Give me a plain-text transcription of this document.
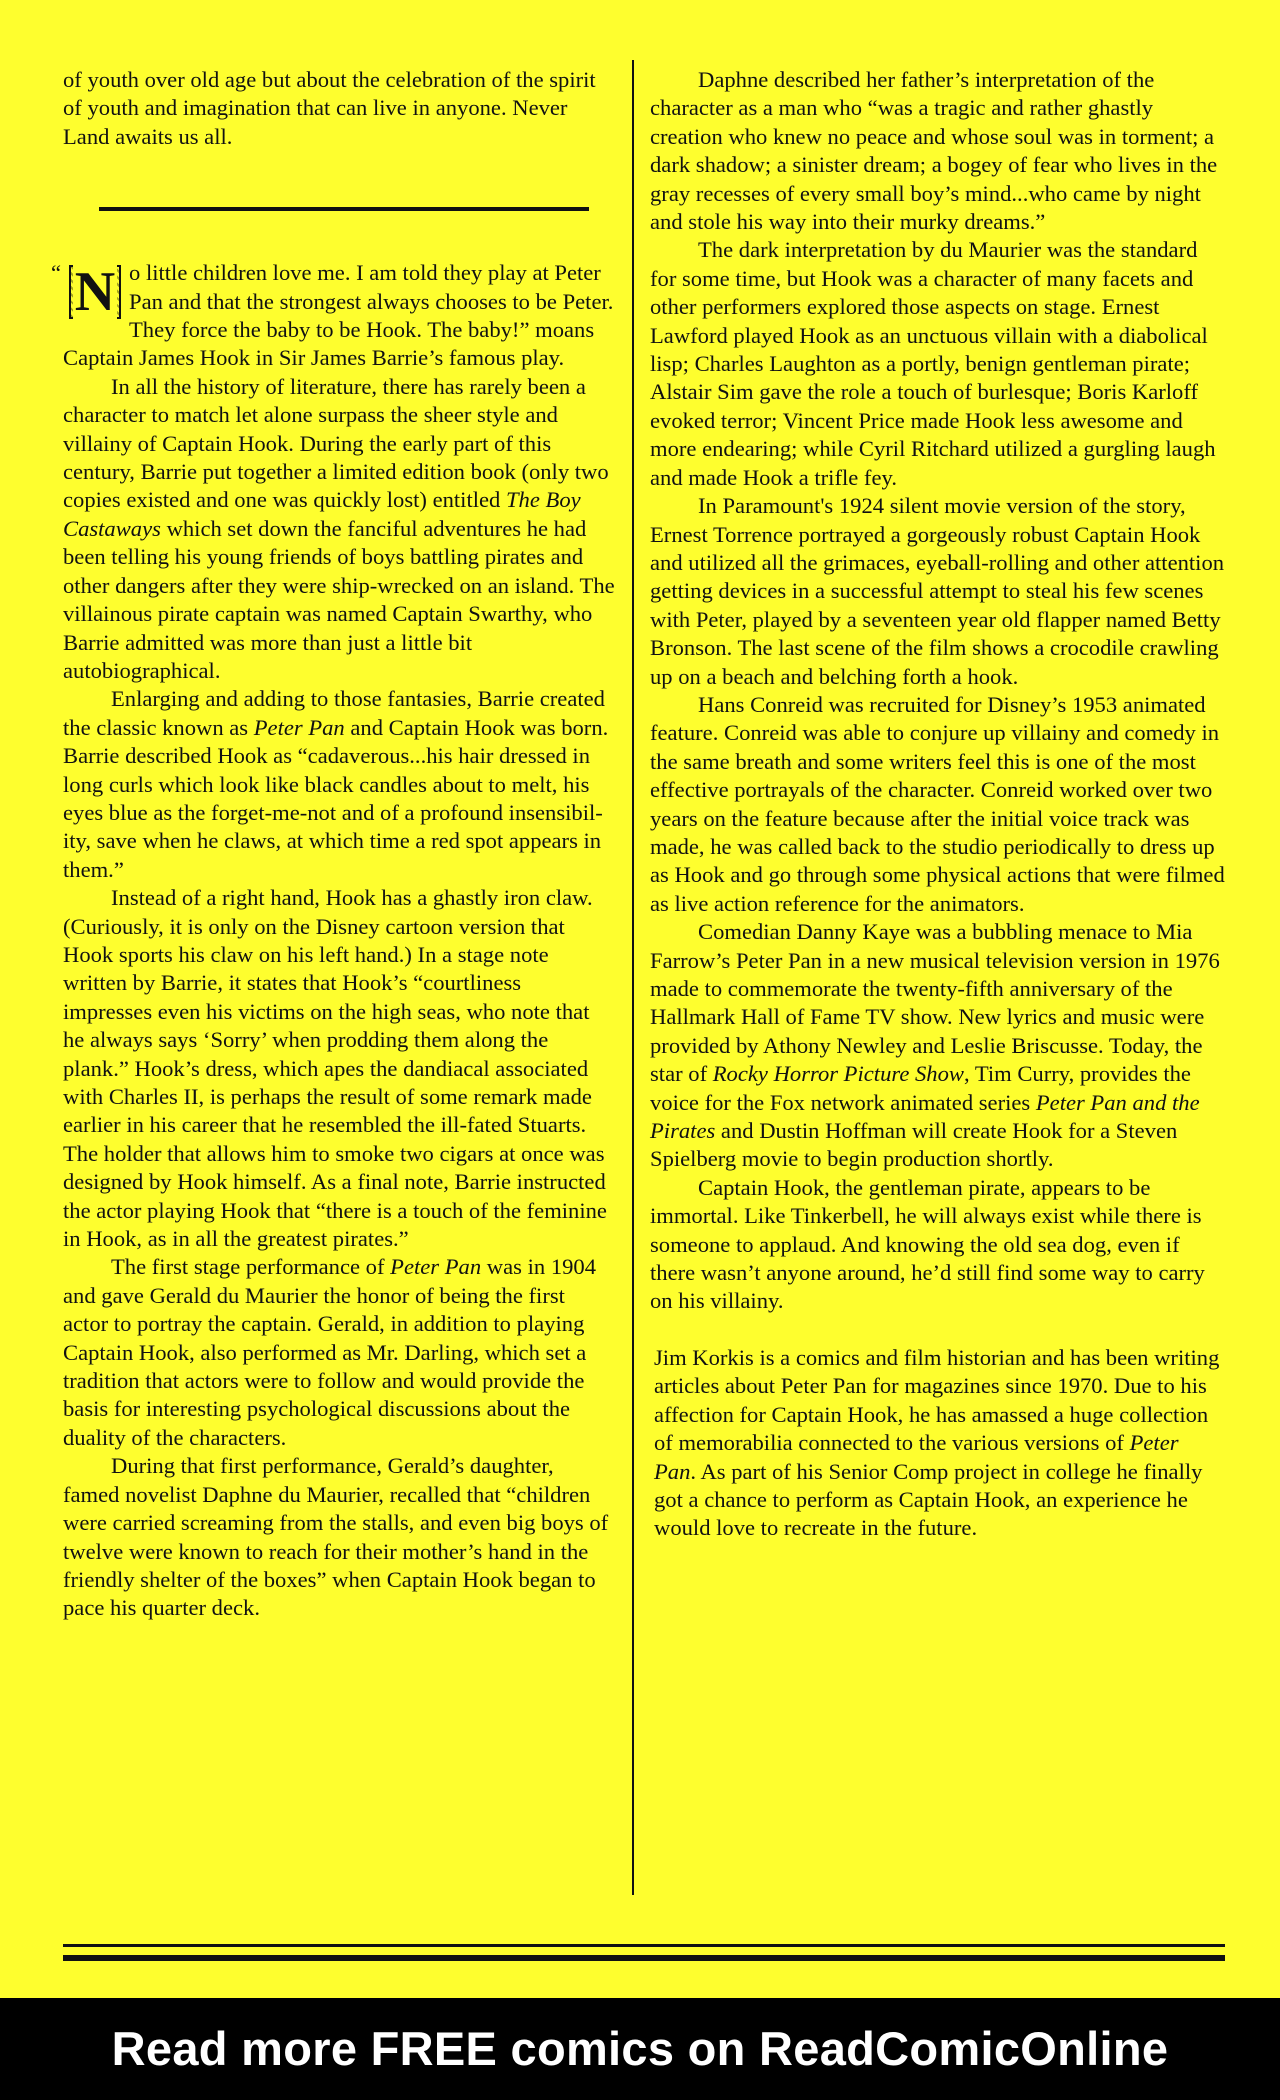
of youth over old age but about the celebration of the spirit of youth and imagination that can live in anyone. Never Land awaits us all.

“ N o little children love me. I am told they play at Peter Pan and that the strongest always chooses to be Peter. They force the baby to be Hook. The baby!” moans Captain James Hook in Sir James Barrie’s famous play.

In all the history of literature, there has rarely been a character to match let alone surpass the sheer style and villainy of Captain Hook. During the early part of this century, Barrie put together a limited edition book (only two copies existed and one was quickly lost) entitled The Boy Castaways which set down the fanciful adventures he had been telling his young friends of boys battling pirates and other dangers after they were ship-wrecked on an island. The villainous pirate captain was named Captain Swarthy, who Barrie admitted was more than just a little bit autobiographical.

Enlarging and adding to those fantasies, Barrie created the classic known as Peter Pan and Captain Hook was born. Barrie described Hook as “cadaverous...his hair dressed in long curls which look like black candles about to melt, his eyes blue as the forget-me-not and of a profound insensibil-ity, save when he claws, at which time a red spot appears in them.”

Instead of a right hand, Hook has a ghastly iron claw. (Curiously, it is only on the Disney cartoon version that Hook sports his claw on his left hand.) In a stage note written by Barrie, it states that Hook’s “courtliness impresses even his victims on the high seas, who note that he always says ‘Sorry’ when prodding them along the plank.” Hook’s dress, which apes the dandiacal associated with Charles II, is perhaps the result of some remark made earlier in his career that he resembled the ill-fated Stuarts. The holder that allows him to smoke two cigars at once was designed by Hook himself. As a final note, Barrie instructed the actor playing Hook that “there is a touch of the feminine in Hook, as in all the greatest pirates.”

The first stage performance of Peter Pan was in 1904 and gave Gerald du Maurier the honor of being the first actor to portray the captain. Gerald, in addition to playing Captain Hook, also performed as Mr. Darling, which set a tradition that actors were to follow and would provide the basis for interesting psychological discussions about the duality of the characters.

During that first performance, Gerald’s daughter, famed novelist Daphne du Maurier, recalled that “children were carried screaming from the stalls, and even big boys of twelve were known to reach for their mother’s hand in the friendly shelter of the boxes” when Captain Hook began to pace his quarter deck.

Daphne described her father’s interpretation of the character as a man who “was a tragic and rather ghastly creation who knew no peace and whose soul was in torment; a dark shadow; a sinister dream; a bogey of fear who lives in the gray recesses of every small boy’s mind...who came by night and stole his way into their murky dreams.”

The dark interpretation by du Maurier was the standard for some time, but Hook was a character of many facets and other performers explored those aspects on stage. Ernest Lawford played Hook as an unctuous villain with a diabolical lisp; Charles Laughton as a portly, benign gentleman pirate; Alstair Sim gave the role a touch of burlesque; Boris Karloff evoked terror; Vincent Price made Hook less awesome and more endearing; while Cyril Ritchard utilized a gurgling laugh and made Hook a trifle fey.

In Paramount's 1924 silent movie version of the story, Ernest Torrence portrayed a gorgeously robust Captain Hook and utilized all the grimaces, eyeball-rolling and other attention getting devices in a successful attempt to steal his few scenes with Peter, played by a seventeen year old flapper named Betty Bronson. The last scene of the film shows a crocodile crawling up on a beach and belching forth a hook.

Hans Conreid was recruited for Disney’s 1953 animated feature. Conreid was able to conjure up villainy and comedy in the same breath and some writers feel this is one of the most effective portrayals of the character. Conreid worked over two years on the feature because after the initial voice track was made, he was called back to the studio periodically to dress up as Hook and go through some physical actions that were filmed as live action reference for the animators.

Comedian Danny Kaye was a bubbling menace to Mia Farrow’s Peter Pan in a new musical television version in 1976 made to commemorate the twenty-fifth anniversary of the Hallmark Hall of Fame TV show. New lyrics and music were provided by Athony Newley and Leslie Briscusse. Today, the star of Rocky Horror Picture Show, Tim Curry, provides the voice for the Fox network animated series Peter Pan and the Pirates and Dustin Hoffman will create Hook for a Steven Spielberg movie to begin production shortly.

Captain Hook, the gentleman pirate, appears to be immortal. Like Tinkerbell, he will always exist while there is someone to applaud. And knowing the old sea dog, even if there wasn’t anyone around, he’d still find some way to carry on his villainy.

Jim Korkis is a comics and film historian and has been writing articles about Peter Pan for magazines since 1970. Due to his affection for Captain Hook, he has amassed a huge collection of memorabilia connected to the various versions of Peter Pan. As part of his Senior Comp project in college he finally got a chance to perform as Captain Hook, an experience he would love to recreate in the future.

Read more FREE comics on ReadComicOnline
